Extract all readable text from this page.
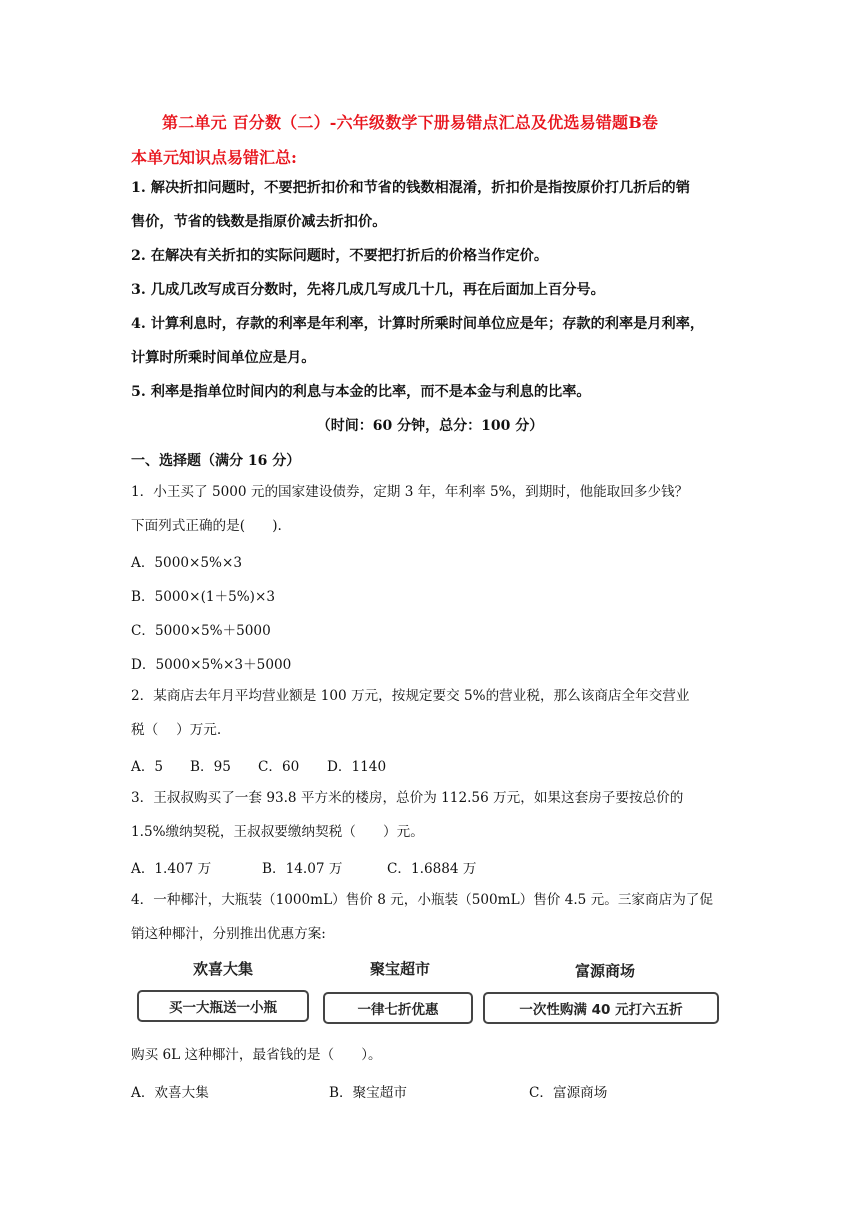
第二单元 百分数（二）-六年级数学下册易错点汇总及优选易错题B卷
本单元知识点易错汇总:
1. 解决折扣问题时，不要把折扣价和节省的钱数相混淆，折扣价是指按原价打几折后的销
售价，节省的钱数是指原价减去折扣价。
2. 在解决有关折扣的实际问题时，不要把打折后的价格当作定价。
3. 几成几改写成百分数时，先将几成几写成几十几，再在后面加上百分号。
4. 计算利息时，存款的利率是年利率，计算时所乘时间单位应是年；存款的利率是月利率，
计算时所乘时间单位应是月。
5. 利率是指单位时间内的利息与本金的比率，而不是本金与利息的比率。
（时间：60 分钟，总分：100 分）
一、选择题（满分 16 分）
1．小王买了 5000 元的国家建设债券，定期 3 年，年利率 5%，到期时，他能取回多少钱？
下面列式正确的是(　　).
A．5000×5%×3
B．5000×(1＋5%)×3
C．5000×5%＋5000
D．5000×5%×3＋5000
2．某商店去年月平均营业额是 100 万元，按规定要交 5%的营业税，那么该商店全年交营业
税（　 ）万元.
A．5 B．95 C．60 D．1140
3．王叔叔购买了一套 93.8 平方米的楼房，总价为 112.56 万元，如果这套房子要按总价的
1.5%缴纳契税，王叔叔要缴纳契税（　　）元。
A．1.407 万	B．14.07 万	C．1.6884 万
4．一种椰汁，大瓶装（1000mL）售价 8 元，小瓶装（500mL）售价 4.5 元。三家商店为了促
销这种椰汁，分别推出优惠方案:
欢喜大集	聚宝超市	富源商场
买一大瓶送一小瓶	一律七折优惠	一次性购满 40 元打六五折
购买 6L 这种椰汁，最省钱的是（　　）。
A．欢喜大集	B．聚宝超市	C．富源商场
